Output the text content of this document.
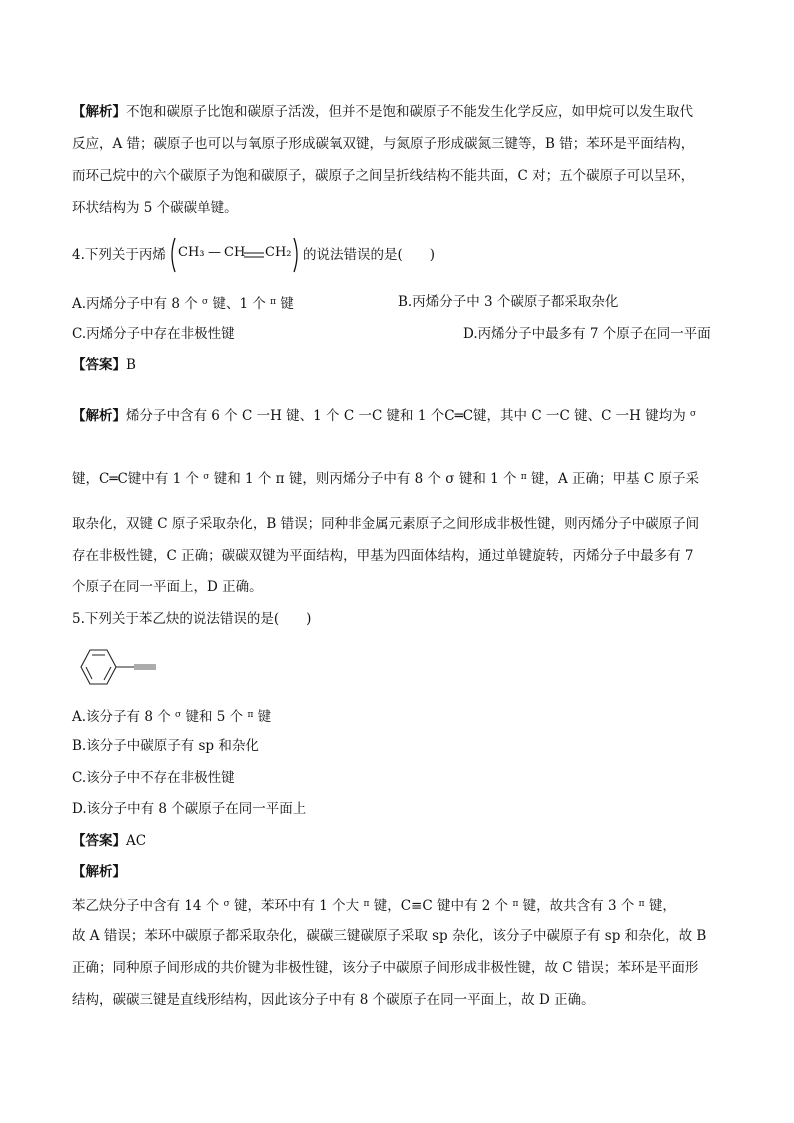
【解析】不饱和碳原子比饱和碳原子活泼，但并不是饱和碳原子不能发生化学反应，如甲烷可以发生取代
反应，A 错；碳原子也可以与氧原子形成碳氧双键，与氮原子形成碳氮三键等，B 错；苯环是平面结构，
而环己烷中的六个碳原子为饱和碳原子，碳原子之间呈折线结构不能共面，C 对；五个碳原子可以呈环，
环状结构为 5 个碳碳单键。
4.下列关于丙烯 CH₃ — CH CH₂ 的说法错误的是(　　)
A.丙烯分子中有 8 个 $^\sigma$ 键、1 个 $^\pi$ 键	B.丙烯分子中 3 个碳原子都采取杂化
C.丙烯分子中存在非极性键	D.丙烯分子中最多有 7 个原子在同一平面
【答案】B
【解析】烯分子中含有 6 个 C 一H 键、1 个 C 一C 键和 1 个C═C键，其中 C 一C 键、C 一H 键均为 $^\sigma$
键，C═C键中有 1 个 $^\sigma$ 键和 1 个 π 键，则丙烯分子中有 8 个 σ 键和 1 个 $^\pi$ 键，A 正确；甲基 C 原子采
取杂化，双键 C 原子采取杂化，B 错误；同种非金属元素原子之间形成非极性键，则丙烯分子中碳原子间
存在非极性键，C 正确；碳碳双键为平面结构，甲基为四面体结构，通过单键旋转，丙烯分子中最多有 7
个原子在同一平面上，D 正确。
5.下列关于苯乙炔的说法错误的是(　　)
A.该分子有 8 个 $^\sigma$ 键和 5 个 $^\pi$ 键
B.该分子中碳原子有 sp 和杂化
C.该分子中不存在非极性键
D.该分子中有 8 个碳原子在同一平面上
【答案】AC
【解析】
苯乙炔分子中含有 14 个 $^\sigma$ 键，苯环中有 1 个大 $^\pi$ 键，C≡C 键中有 2 个 $^\pi$ 键，故共含有 3 个 $^\pi$ 键，
故 A 错误；苯环中碳原子都采取杂化，碳碳三键碳原子采取 sp 杂化，该分子中碳原子有 sp 和杂化，故 B
正确；同种原子间形成的共价键为非极性键，该分子中碳原子间形成非极性键，故 C 错误；苯环是平面形
结构，碳碳三键是直线形结构，因此该分子中有 8 个碳原子在同一平面上，故 D 正确。
